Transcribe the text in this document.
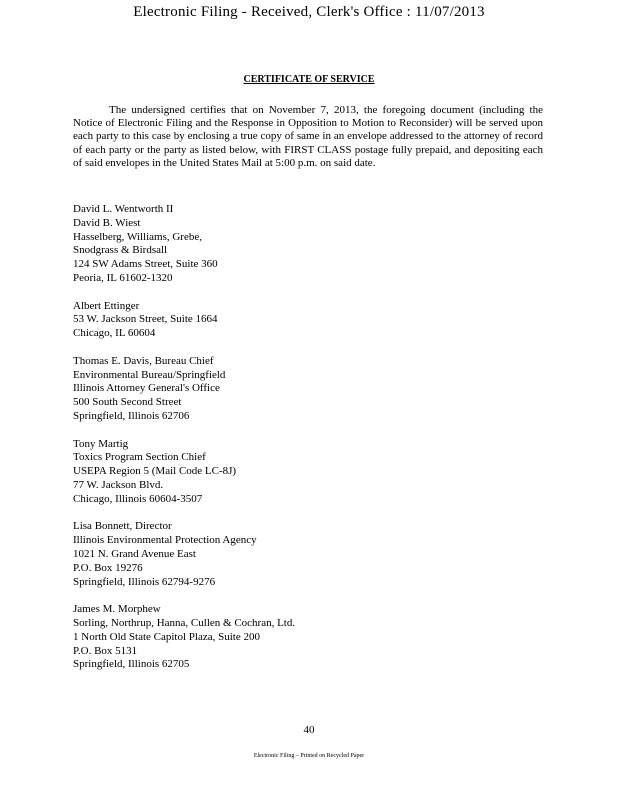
Electronic Filing - Received, Clerk's Office : 11/07/2013
CERTIFICATE OF SERVICE
The undersigned certifies that on November 7, 2013, the foregoing document (including the Notice of Electronic Filing and the Response in Opposition to Motion to Reconsider) will be served upon each party to this case by enclosing a true copy of same in an envelope addressed to the attorney of record of each party or the party as listed below, with FIRST CLASS postage fully prepaid, and depositing each of said envelopes in the United States Mail at 5:00 p.m. on said date.
David L. Wentworth II
David B. Wiest
Hasselberg, Williams, Grebe,
Snodgrass & Birdsall
124 SW Adams Street, Suite 360
Peoria, IL 61602-1320
Albert Ettinger
53 W. Jackson Street, Suite 1664
Chicago, IL 60604
Thomas E. Davis, Bureau Chief
Environmental Bureau/Springfield
Illinois Attorney General's Office
500 South Second Street
Springfield, Illinois 62706
Tony Martig
Toxics Program Section Chief
USEPA Region 5 (Mail Code LC-8J)
77 W. Jackson Blvd.
Chicago, Illinois 60604-3507
Lisa Bonnett, Director
Illinois Environmental Protection Agency
1021 N. Grand Avenue East
P.O. Box 19276
Springfield, Illinois 62794-9276
James M. Morphew
Sorling, Northrup, Hanna, Cullen & Cochran, Ltd.
1 North Old State Capitol Plaza, Suite 200
P.O. Box 5131
Springfield, Illinois 62705
40
Electronic Filing – Printed on Recycled Paper
